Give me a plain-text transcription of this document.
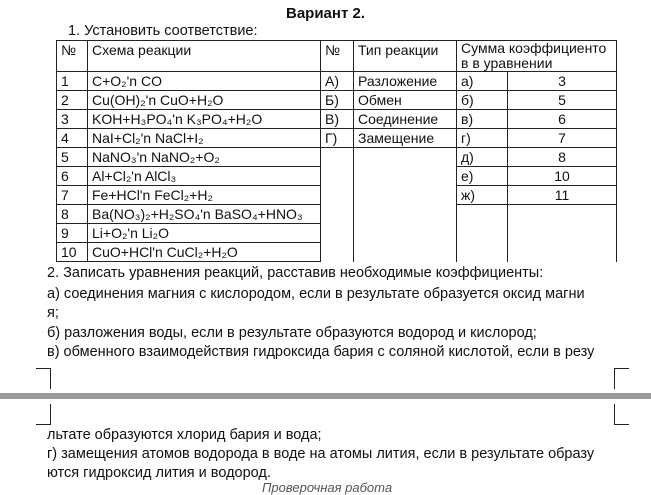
Вариант 2.
1. Установить соответствие:
№	Схема реакции	№	Тип реакции	Сумма коэффициенто в в уравнении	
1	C+O₂'n CO	А)	Разложение	а)	3
2	Cu(OH)₂'n CuO+H₂O	Б)	Обмен	б)	5
3	KOH+H₃PO₄'n K₃PO₄+H₂O	В)	Соединение	в)	6
4	NaI+Cl₂'n NaCl+I₂	Г)	Замещение	г)	7
5	NaNO₃'n NaNO₂+O₂			д)	8
6	Al+Cl₂'n AlCl₃			е)	10
7	Fe+HCl'n FeCl₂+H₂			ж)	11
8	Ba(NO₃)₂+H₂SO₄'n BaSO₄+HNO₃				
9	Li+O₂'n Li₂O				
10	CuO+HCl'n CuCl₂+H₂O				
2. Записать уравнения реакций, расставив необходимые коэффициенты:
а) соединения магния с кислородом, если в результате образуется оксид магни
я;
б) разложения воды, если в результате образуются водород и кислород;
в) обменного взаимодействия гидроксида бария с соляной кислотой, если в резу
льтате образуются хлорид бария и вода;
г) замещения атомов водорода в воде на атомы лития, если в результате образу
ются гидроксид лития и водород.
Проверочная работа
